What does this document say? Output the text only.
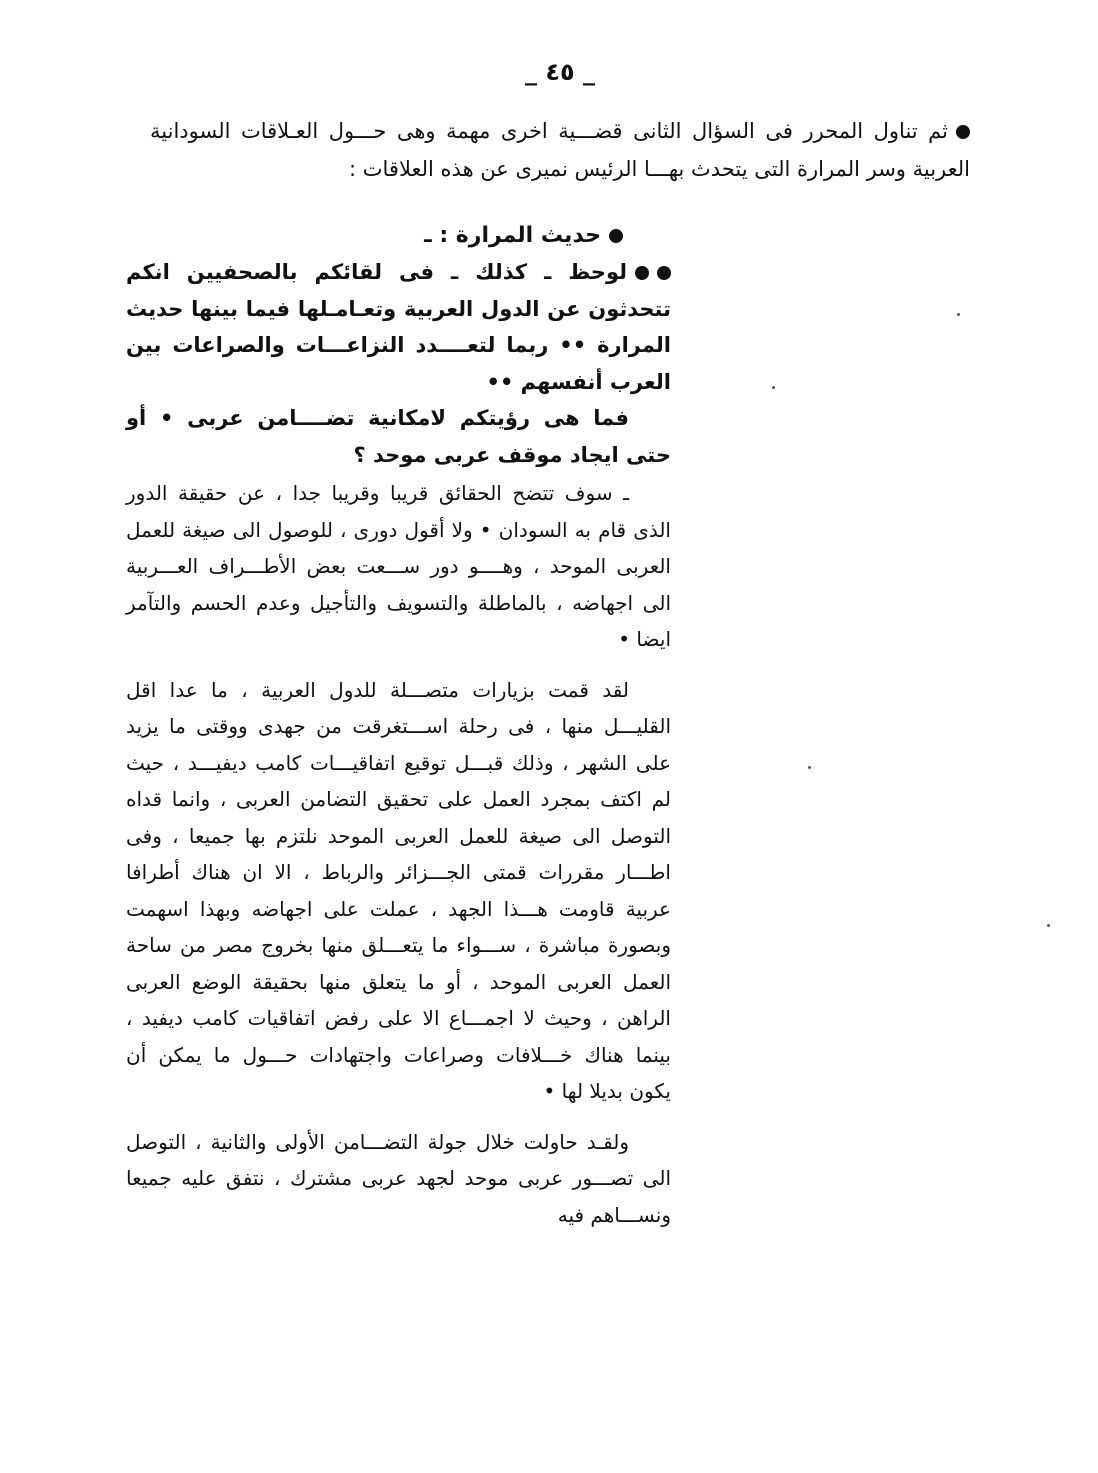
_ ٤٥ _
ثم تناول المحرر فى السؤال الثانى قضـــية اخرى مهمة وهى حـــول العـلاقات السودانية العربية وسر المرارة التى يتحدث بهـــا الرئيس نميرى عن هذه العلاقات :
حديث المرارة : ـ

لوحظ ـ كذلك ـ فى لقائكم بالصحفيين انكم تتحدثون عن الدول العربية وتعـامـلها فيما بينها حديث المرارة •• ربما لتعــــدد النزاعـــات والصراعات بين العرب أنفسهم ••

فما هى رؤيتكم لامكانية تضــــامن عربى • أو حتى ايجاد موقف عربى موحد ؟

ـ سوف تتضح الحقائق قريبا وقريبا جدا ، عن حقيقة الدور الذى قام به السودان • ولا أقول دورى ، للوصول الى صيغة للعمل العربى الموحد ، وهــــو دور ســـعت بعض الأطـــراف العـــربية الى اجهاضه ، بالماطلة والتسويف والتأجيل وعدم الحسم والتآمر ايضا •

لقد قمت بزيارات متصـــلة للدول العربية ، ما عدا اقل القليـــل منها ، فى رحلة اســـتغرقت من جهدى ووقتى ما يزيد على الشهر ، وذلك قبـــل توقيع اتفاقيـــات كامب ديفيـــد ، حيث لم اكتف بمجرد العمل على تحقيق التضامن العربى ، وانما قداه التوصل الى صيغة للعمل العربى الموحد نلتزم بها جميعا ، وفى اطـــار مقررات قمتى الجـــزائر والرباط ، الا ان هناك أطرافا عربية قاومت هـــذا الجهد ، عملت على اجهاضه وبهذا اسهمت وبصورة مباشرة ، ســـواء ما يتعـــلق منها بخروج مصر من ساحة العمل العربى الموحد ، أو ما يتعلق منها بحقيقة الوضع العربى الراهن ، وحيث لا اجمـــاع الا على رفض اتفاقيات كامب ديفيد ، بينما هناك خـــلافات وصراعات واجتهادات حـــول ما يمكن أن يكون بديلا لها •

ولقـد حاولت خلال جولة التضـــامن الأولى والثانية ، التوصل الى تصـــور عربى موحد لجهد عربى مشترك ، نتفق عليه جميعا ونســـاهم فيه
